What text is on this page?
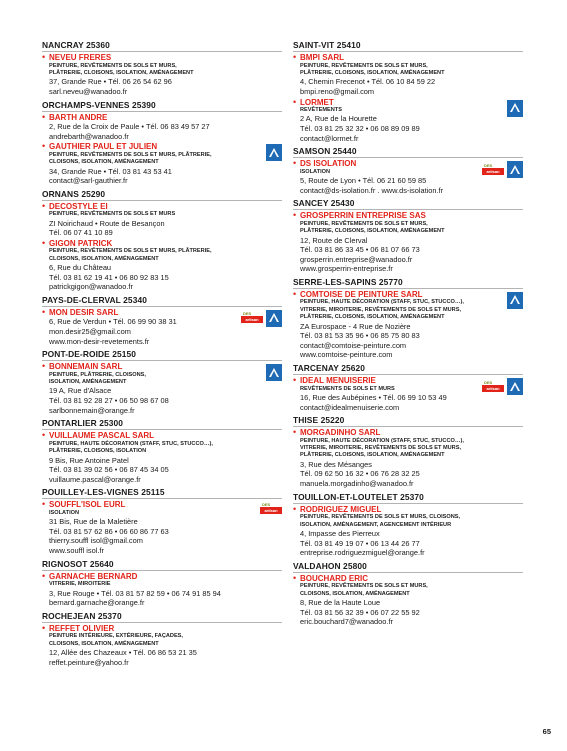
NANCRAY 25360
• NEVEU FRERES
PEINTURE, REVÊTEMENTS DE SOLS ET MURS,
PLÂTRERIE, CLOISONS, ISOLATION, AMÉNAGEMENT
37, Grande Rue • Tél. 06 26 54 62 96
sarl.neveu@wanadoo.fr
ORCHAMPS-VENNES 25390
• BARTH ANDRE
2, Rue de la Croix de Paule • Tél. 06 83 49 57 27
andrebarth@wanadoo.fr
• GAUTHIER PAUL ET JULIEN
PEINTURE, REVÊTEMENTS DE SOLS ET MURS, PLÂTRERIE,
CLOISONS, ISOLATION, AMÉNAGEMENT
34, Grande Rue • Tél. 03 81 43 53 41
contact@sarl-gauthier.fr
ORNANS 25290
• DECOSTYLE EI
PEINTURE, REVÊTEMENTS DE SOLS ET MURS
ZI Noirichaud • Route de Besançon
Tél. 06 07 41 10 89
• GIGON PATRICK
PEINTURE, REVÊTEMENTS DE SOLS ET MURS, PLÂTRERIE,
CLOISONS, ISOLATION, AMÉNAGEMENT
6, Rue du Château
Tél. 03 81 62 19 41 • 06 80 92 83 15
patrickgigon@wanadoo.fr
PAYS-DE-CLERVAL 25340
• MON DESIR SARL
6, Rue de Verdun • Tél. 06 99 90 38 31
mon.desir25@gmail.com
www.mon-desir-revetements.fr
DES
artisan
PONT-DE-ROIDE 25150
• BONNEMAIN SARL
PEINTURE, PLÂTRERIE, CLOISONS,
ISOLATION, AMÉNAGEMENT
19 A, Rue d'Alsace
Tél. 03 81 92 28 27 • 06 50 98 67 08
sarlbonnemain@orange.fr
PONTARLIER 25300
• VUILLAUME PASCAL SARL
PEINTURE, HAUTE DÉCORATION (STAFF, STUC, STUCCO…),
PLÂTRERIE, CLOISONS, ISOLATION
9 Bis, Rue Antoine Patel
Tél. 03 81 39 02 56 • 06 87 45 34 05
vuillaume.pascal@orange.fr
POUILLEY-LES-VIGNES 25115
• SOUFFL'ISOL EURL
ISOLATION
31 Bis, Rue de la Maletière
Tél. 03 81 57 62 86 • 06 60 86 77 63
thierry.souffl isol@gmail.com
www.souffl isol.fr
DES
artisan
RIGNOSOT 25640
• GARNACHE BERNARD
VITRERIE, MIROITERIE
3, Rue Rouge • Tél. 03 81 57 82 59 • 06 74 91 85 94
bernard.garnache@orange.fr
ROCHEJEAN 25370
• REFFET OLIVIER
PEINTURE INTÉRIEURE, EXTÉRIEURE, FAÇADES,
CLOISONS, ISOLATION, AMÉNAGEMENT
12, Allée des Chazeaux • Tél. 06 86 53 21 35
reffet.peinture@yahoo.fr
SAINT-VIT 25410
• BMPI SARL
PEINTURE, REVÊTEMENTS DE SOLS ET MURS,
PLÂTRERIE, CLOISONS, ISOLATION, AMÉNAGEMENT
4, Chemin Frecenot • Tél. 06 10 84 59 22
bmpi.reno@gmail.com
• LORMET
REVÊTEMENTS
2 A, Rue de la Hourette
Tél. 03 81 25 32 32 • 06 08 89 09 89
contact@lormet.fr
SAMSON 25440
• DS ISOLATION
ISOLATION
5, Route de Lyon • Tél. 06 21 60 59 85
contact@ds-isolation.fr . www.ds-isolation.fr
DES
artisan
SANCEY 25430
• GROSPERRIN ENTREPRISE SAS
PEINTURE, REVÊTEMENTS DE SOLS ET MURS,
PLÂTRERIE, CLOISONS, ISOLATION, AMÉNAGEMENT
12, Route de Clerval
Tél. 03 81 86 33 45 • 06 81 07 66 73
grosperrin.entreprise@wanadoo.fr
www.grosperrin-entreprise.fr
SERRE-LES-SAPINS 25770
• COMTOISE DE PEINTURE SARL
PEINTURE, HAUTE DÉCORATION (STAFF, STUC, STUCCO…),
VITRERIE, MIROITERIE, REVÊTEMENTS DE SOLS ET MURS,
PLÂTRERIE, CLOISONS, ISOLATION, AMÉNAGEMENT
ZA Eurospace - 4 Rue de Nozière
Tél. 03 81 53 35 96 • 06 85 75 80 83
contact@comtoise-peinture.com
www.comtoise-peinture.com
TARCENAY 25620
• IDEAL MENUISERIE
REVÊTEMENTS DE SOLS ET MURS
16, Rue des Aubépines • Tél. 06 99 10 53 49
contact@idealmenuiserie.com
DES
artisan
THISE 25220
• MORGADINHO SARL
PEINTURE, HAUTE DÉCORATION (STAFF, STUC, STUCCO…),
VITRERIE, MIROITERIE, REVÊTEMENTS DE SOLS ET MURS,
PLÂTRERIE, CLOISONS, ISOLATION, AMÉNAGEMENT
3, Rue des Mésanges
Tél. 09 62 50 16 32 • 06 76 28 32 25
manuela.morgadinho@wanadoo.fr
TOUILLON-ET-LOUTELET 25370
• RODRIGUEZ MIGUEL
PEINTURE, REVÊTEMENTS DE SOLS ET MURS, CLOISONS,
ISOLATION, AMÉNAGEMENT, AGENCEMENT INTÉRIEUR
4, Impasse des Pierreux
Tél. 03 81 49 19 07 • 06 13 44 26 77
entreprise.rodriguezmiguel@orange.fr
VALDAHON 25800
• BOUCHARD ERIC
PEINTURE, REVÊTEMENTS DE SOLS ET MURS,
CLOISONS, ISOLATION, AMÉNAGEMENT
8, Rue de la Haute Loue
Tél. 03 81 56 32 39 • 06 07 22 55 92
eric.bouchard7@wanadoo.fr
65
